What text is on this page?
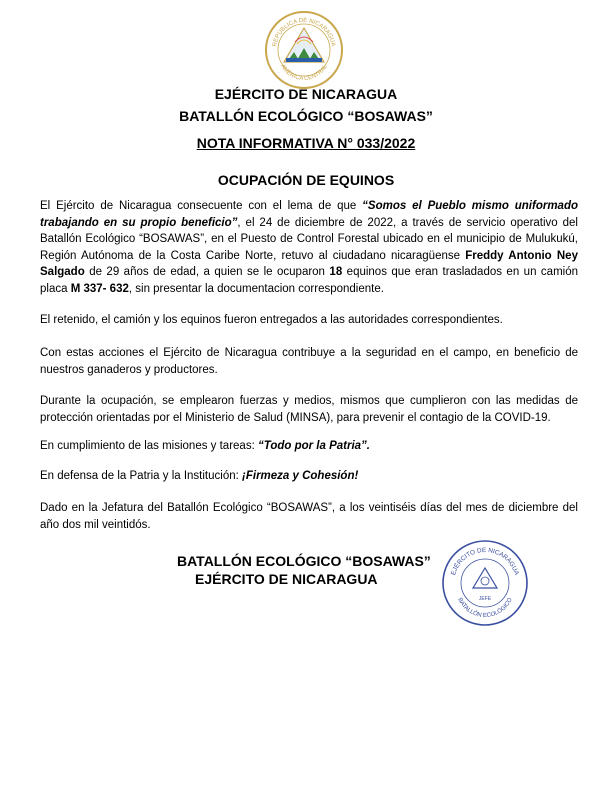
REPÚBLICA DE NICARAGUA
AMÉRICA CENTRAL
EJÉRCITO DE NICARAGUA
BATALLÓN ECOLÓGICO “BOSAWAS”
NOTA INFORMATIVA N° 033/2022
OCUPACIÓN DE EQUINOS
El Ejército de Nicaragua consecuente con el lema de que “Somos el Pueblo mismo uniformado trabajando en su propio beneficio”, el 24 de diciembre de 2022, a través de servicio operativo del Batallón Ecológico “BOSAWAS”, en el Puesto de Control Forestal ubicado en el municipio de Mulukukú, Región Autónoma de la Costa Caribe Norte, retuvo al ciudadano nicaragüense Freddy Antonio Ney Salgado de 29 años de edad, a quien se le ocuparon 18 equinos que eran trasladados en un camión placa M 337- 632, sin presentar la documentacion correspondiente.
El retenido, el camión y los equinos fueron entregados a las autoridades correspondientes.
Con estas acciones el Ejército de Nicaragua contribuye a la seguridad en el campo, en beneficio de nuestros ganaderos y productores.
Durante la ocupación, se emplearon fuerzas y medios, mismos que cumplieron con las medidas de protección orientadas por el Ministerio de Salud (MINSA), para prevenir el contagio de la COVID-19.
En cumplimiento de las misiones y tareas: “Todo por la Patria”.
En defensa de la Patria y la Institución: ¡Firmeza y Cohesión!
Dado en la Jefatura del Batallón Ecológico “BOSAWAS”, a los veintiséis días del mes de diciembre del año dos mil veintidós.
BATALLÓN ECOLÓGICO “BOSAWAS”
EJÉRCITO DE NICARAGUA	EJÉRCITO DE NICARAGUA
BATALLÓN ECOLÓGICO
JEFE
